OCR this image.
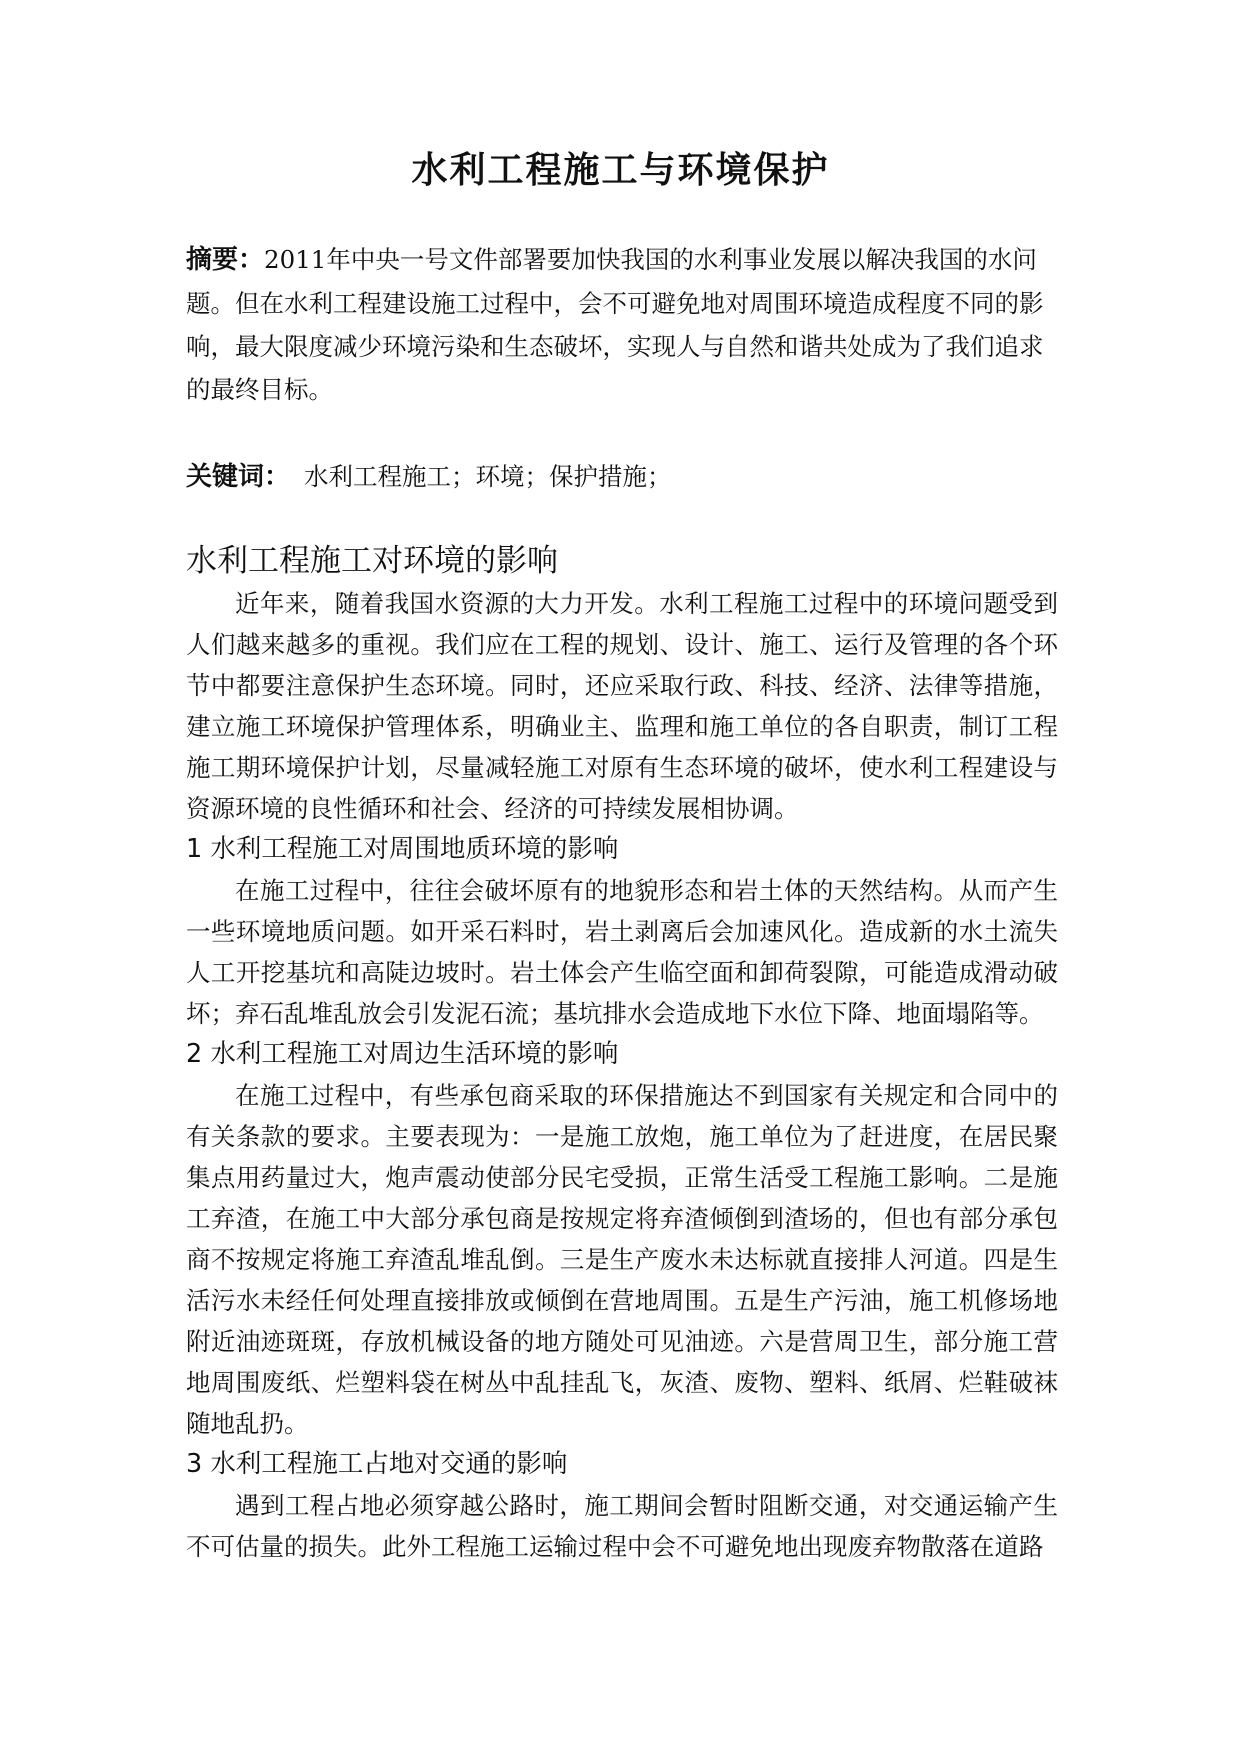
水利工程施工与环境保护

摘要：2011年中央一号文件部署要加快我国的水利事业发展以解决我国的水问题。但在水利工程建设施工过程中，会不可避免地对周围环境造成程度不同的影响，最大限度减少环境污染和生态破坏，实现人与自然和谐共处成为了我们追求的最终目标。

关键词： 水利工程施工；环境；保护措施；

水利工程施工对环境的影响

近年来，随着我国水资源的大力开发。水利工程施工过程中的环境问题受到人们越来越多的重视。我们应在工程的规划、设计、施工、运行及管理的各个环节中都要注意保护生态环境。同时，还应采取行政、科技、经济、法律等措施，建立施工环境保护管理体系，明确业主、监理和施工单位的各自职责，制订工程施工期环境保护计划，尽量减轻施工对原有生态环境的破坏，使水利工程建设与资源环境的良性循环和社会、经济的可持续发展相协调。

1 水利工程施工对周围地质环境的影响

在施工过程中，往往会破坏原有的地貌形态和岩土体的天然结构。从而产生一些环境地质问题。如开采石料时，岩土剥离后会加速风化。造成新的水土流失人工开挖基坑和高陡边坡时。岩土体会产生临空面和卸荷裂隙，可能造成滑动破坏；弃石乱堆乱放会引发泥石流；基坑排水会造成地下水位下降、地面塌陷等。

2 水利工程施工对周边生活环境的影响

在施工过程中，有些承包商采取的环保措施达不到国家有关规定和合同中的有关条款的要求。主要表现为：一是施工放炮，施工单位为了赶进度，在居民聚集点用药量过大，炮声震动使部分民宅受损，正常生活受工程施工影响。二是施工弃渣，在施工中大部分承包商是按规定将弃渣倾倒到渣场的，但也有部分承包商不按规定将施工弃渣乱堆乱倒。三是生产废水未达标就直接排人河道。四是生活污水未经任何处理直接排放或倾倒在营地周围。五是生产污油，施工机修场地附近油迹斑斑，存放机械设备的地方随处可见油迹。六是营周卫生，部分施工营地周围废纸、烂塑料袋在树丛中乱挂乱飞，灰渣、废物、塑料、纸屑、烂鞋破袜随地乱扔。

3 水利工程施工占地对交通的影响

遇到工程占地必须穿越公路时，施工期间会暂时阻断交通，对交通运输产生不可估量的损失。此外工程施工运输过程中会不可避免地出现废弃物散落在道路
